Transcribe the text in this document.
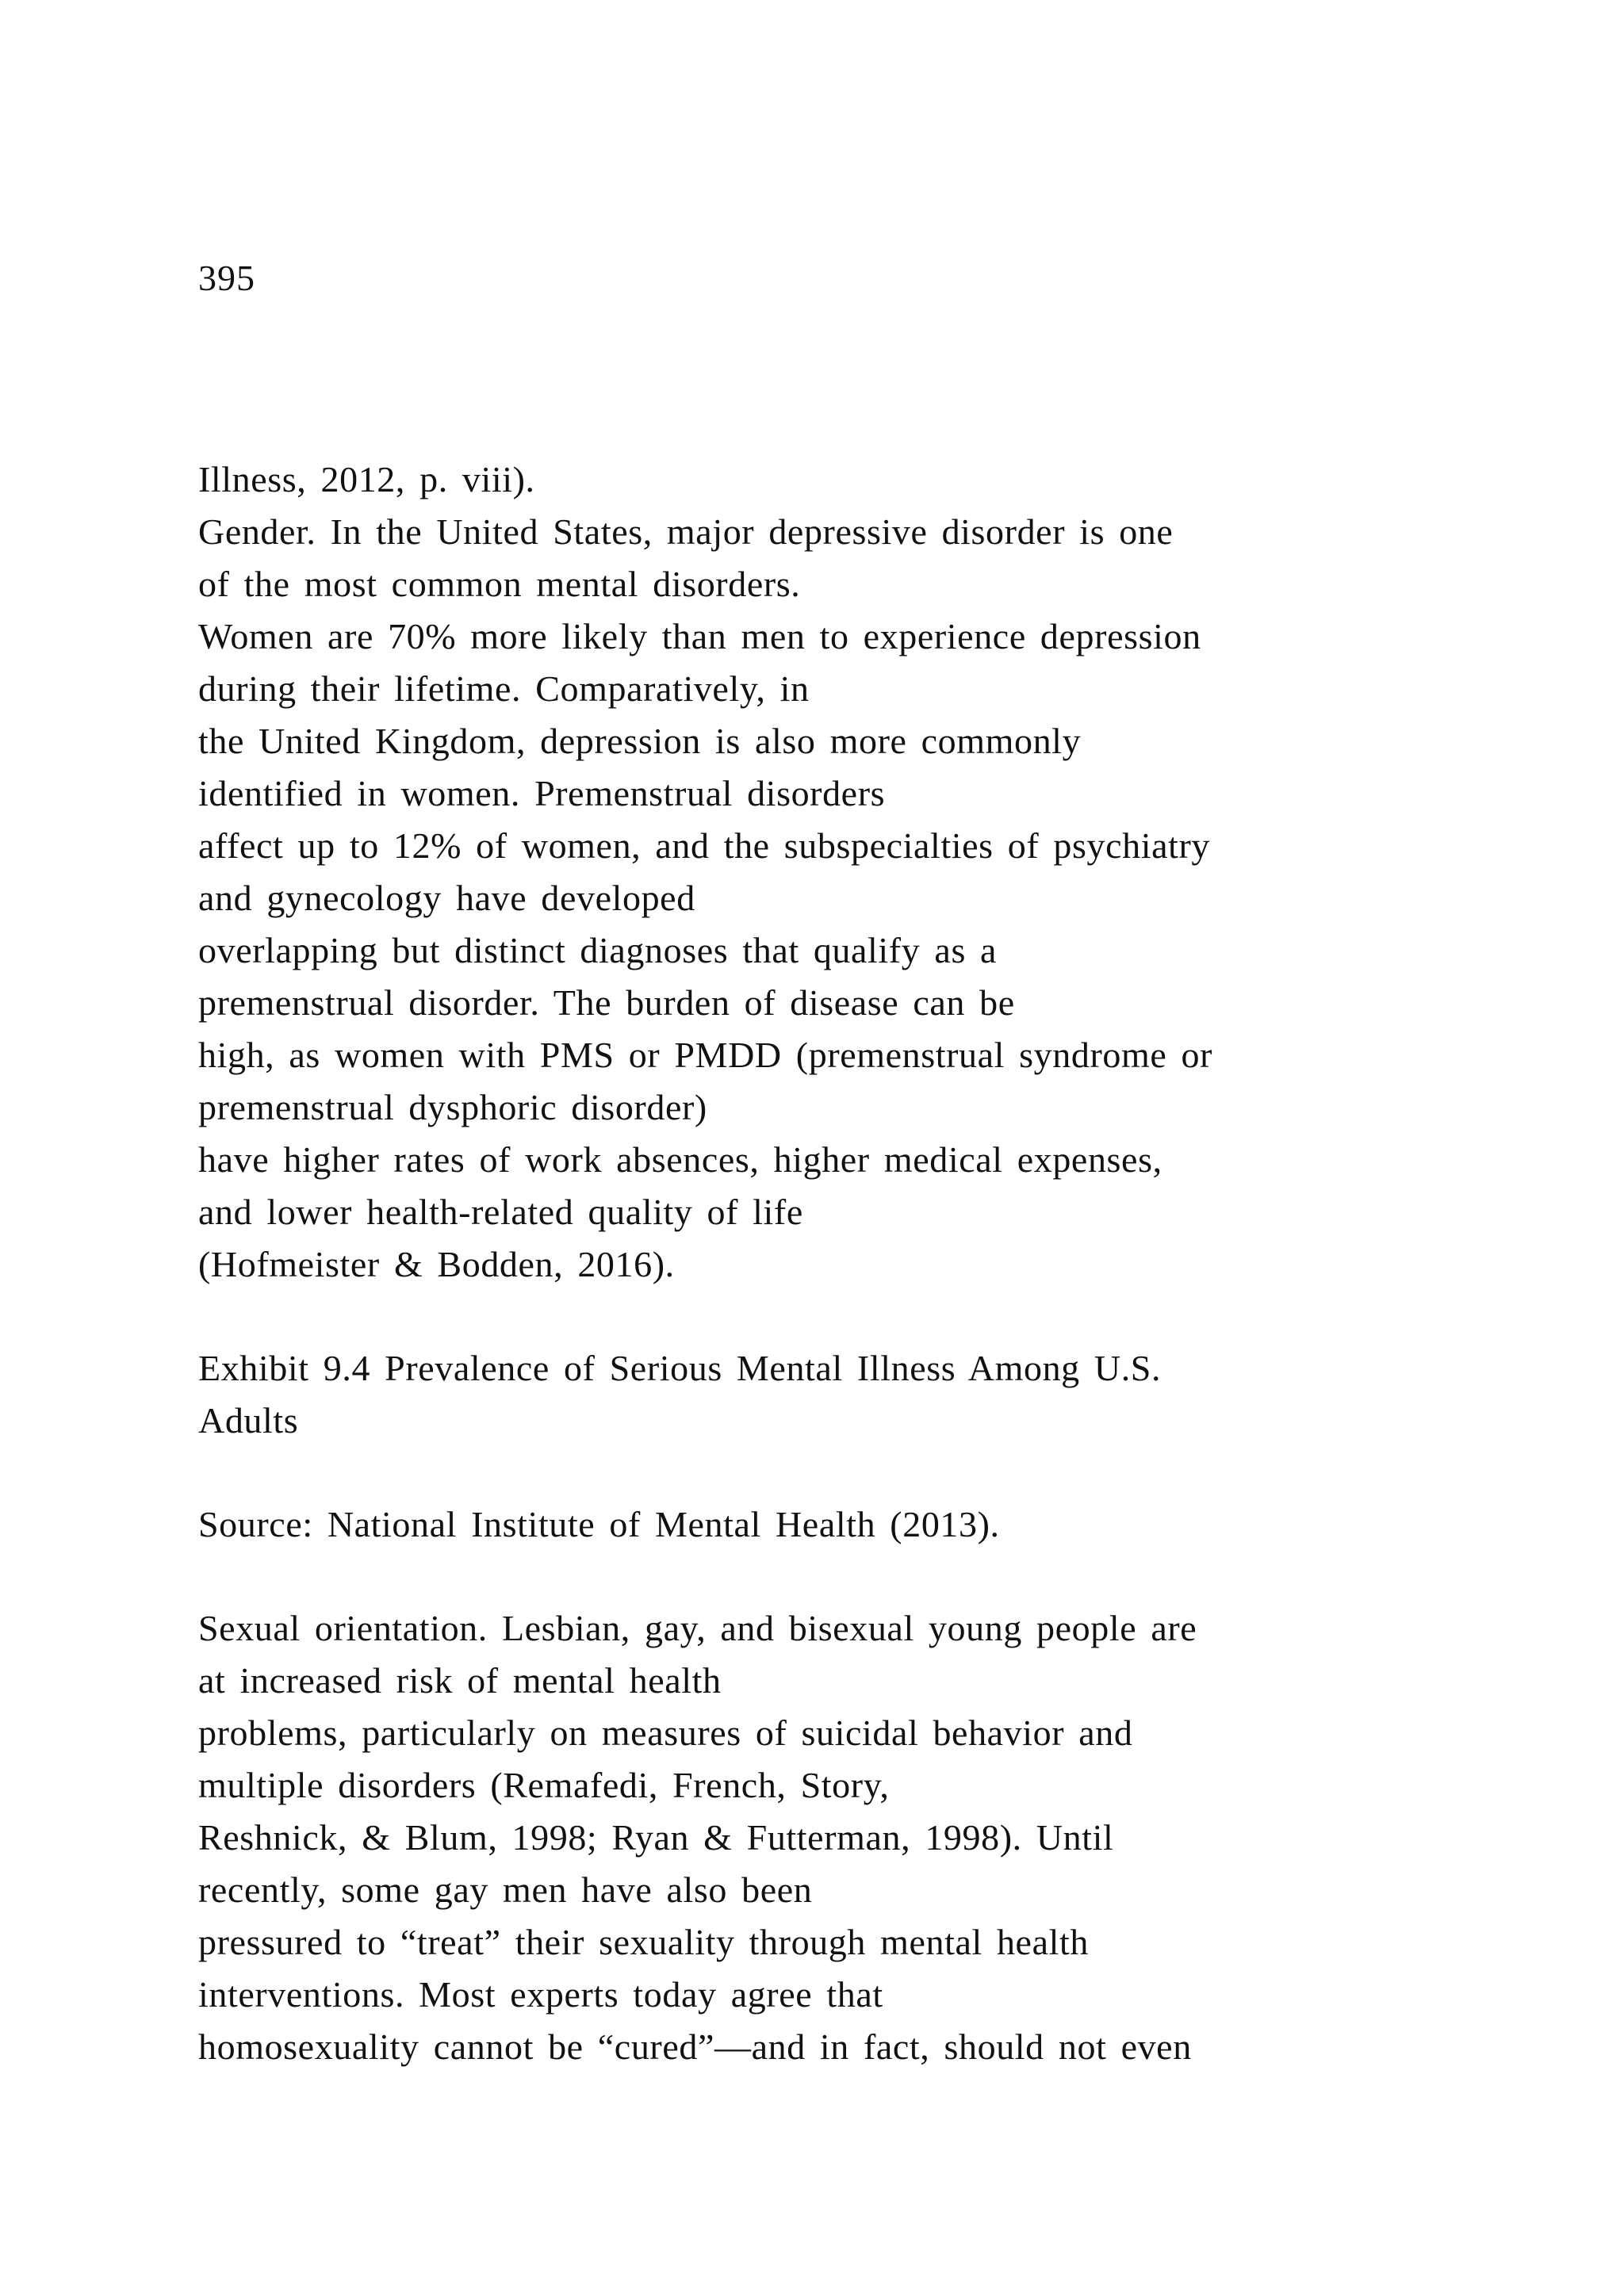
395
Illness, 2012, p. viii).
Gender. In the United States, major depressive disorder is one
of the most common mental disorders.
Women are 70% more likely than men to experience depression
during their lifetime. Comparatively, in
the United Kingdom, depression is also more commonly
identified in women. Premenstrual disorders
affect up to 12% of women, and the subspecialties of psychiatry
and gynecology have developed
overlapping but distinct diagnoses that qualify as a
premenstrual disorder. The burden of disease can be
high, as women with PMS or PMDD (premenstrual syndrome or
premenstrual dysphoric disorder)
have higher rates of work absences, higher medical expenses,
and lower health-related quality of life
(Hofmeister & Bodden, 2016).
Exhibit 9.4 Prevalence of Serious Mental Illness Among U.S.
Adults
Source: National Institute of Mental Health (2013).
Sexual orientation. Lesbian, gay, and bisexual young people are
at increased risk of mental health
problems, particularly on measures of suicidal behavior and
multiple disorders (Remafedi, French, Story,
Reshnick, & Blum, 1998; Ryan & Futterman, 1998). Until
recently, some gay men have also been
pressured to “treat” their sexuality through mental health
interventions. Most experts today agree that
homosexuality cannot be “cured”—and in fact, should not even
